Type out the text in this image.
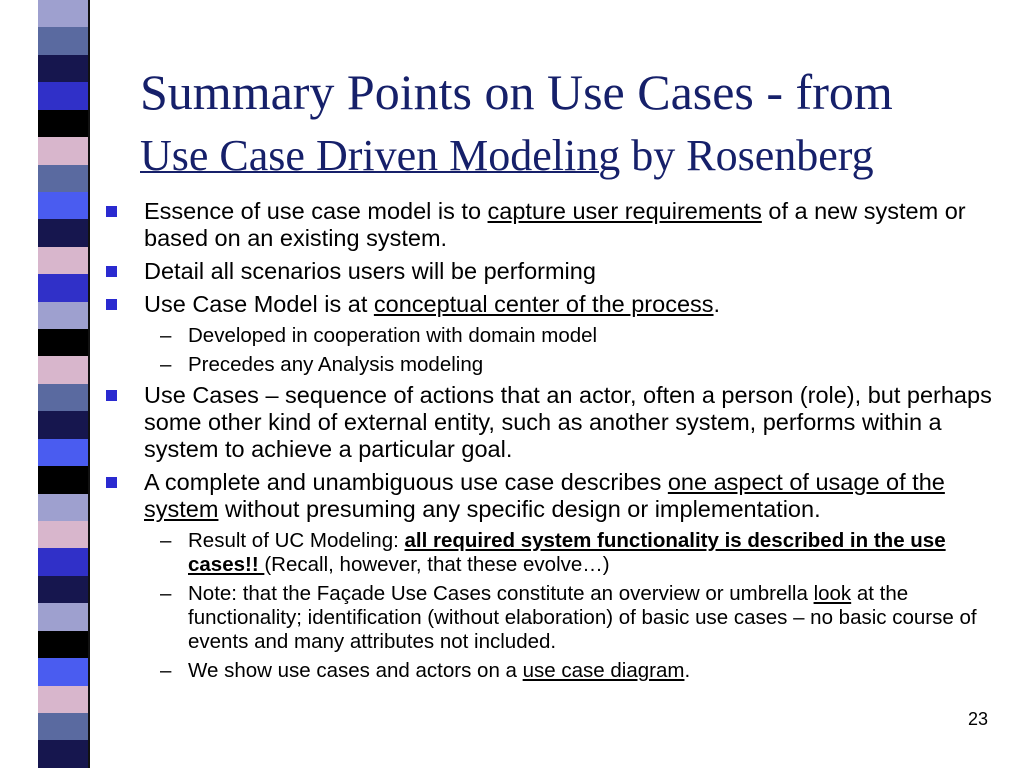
Summary Points on Use Cases - from
Use Case Driven Modeling by Rosenberg
Essence of use case model is to capture user requirements of a new system or based on an existing system.
Detail all scenarios users will be performing
Use Case Model is at conceptual center of the process.
– Developed in cooperation with domain model
– Precedes any Analysis modeling
Use Cases – sequence of actions that an actor, often a person (role), but perhaps some other kind of external entity, such as another system, performs within a system to achieve a particular goal.
A complete and unambiguous use case describes one aspect of usage of the system without presuming any specific design or implementation.
– Result of UC Modeling: all required system functionality is described in the use cases!! (Recall, however, that these evolve…)
– Note: that the Façade Use Cases constitute an overview or umbrella look at the functionality; identification (without elaboration) of basic use cases – no basic course of events and many attributes not included.
– We show use cases and actors on a use case diagram.
23
